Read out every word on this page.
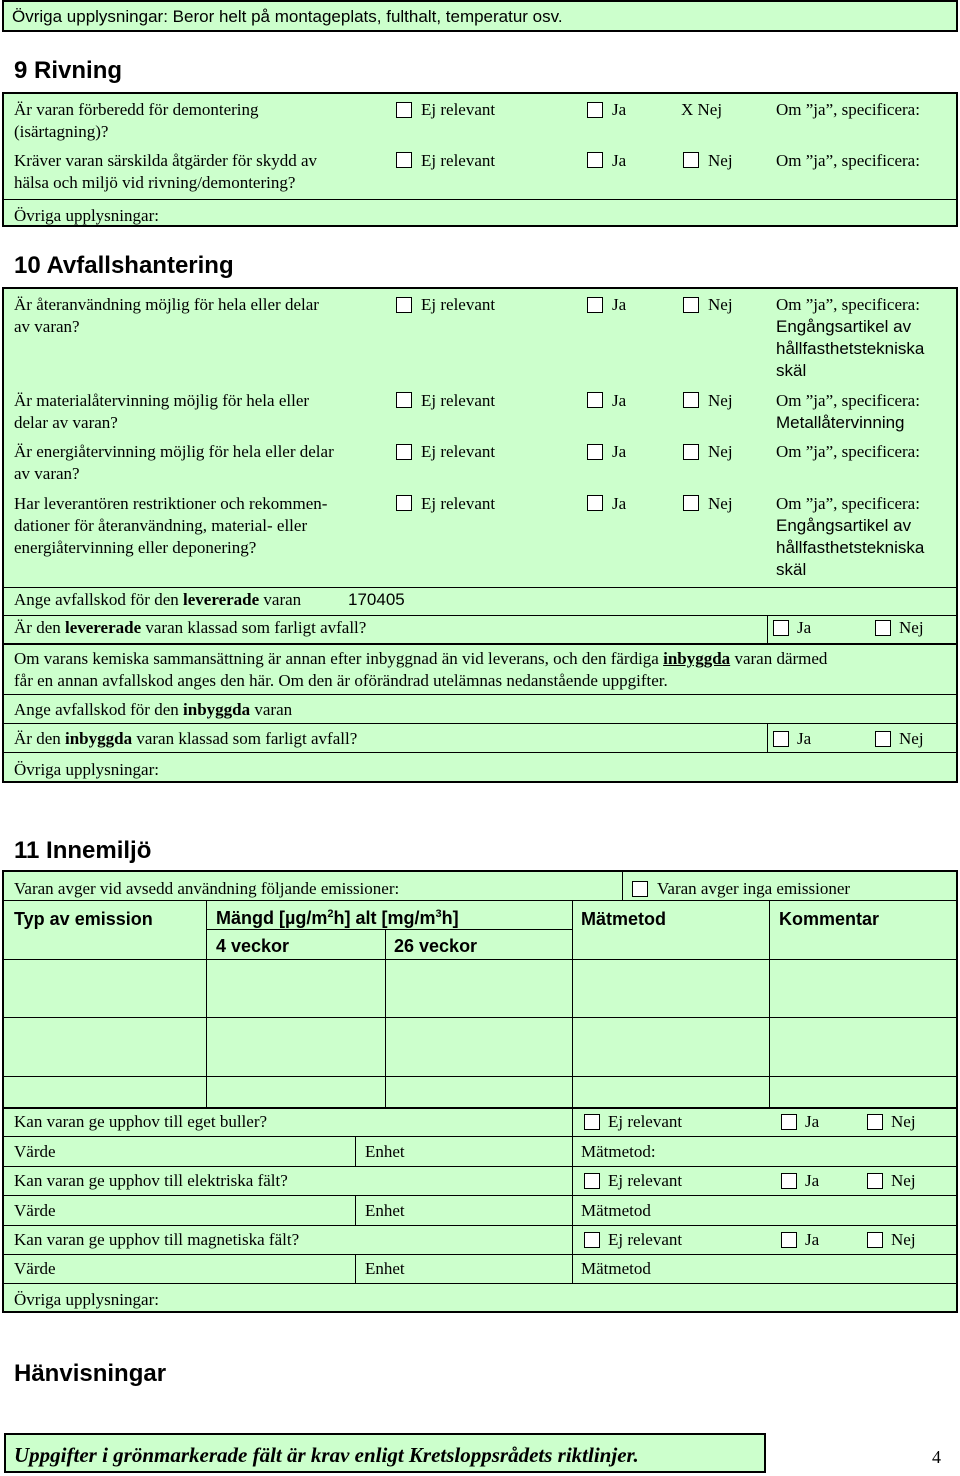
Övriga upplysningar: Beror helt på montageplats, fulthalt, temperatur osv.
9 Rivning
Är varan förberedd för demontering
(isärtagning)?
Ej relevant	Ja	X Nej	Om ”ja”, specificera:
Kräver varan särskilda åtgärder för skydd av
hälsa och miljö vid rivning/demontering?
Ej relevant	Ja	Nej	Om ”ja”, specificera:
Övriga upplysningar:
10 Avfallshantering
Är återanvändning möjlig för hela eller delar
av varan?
Ej relevant	Ja	Nej	Om ”ja”, specificera:
Engångsartikel av
hållfasthetstekniska
skäl
Är materialåtervinning möjlig för hela eller
delar av varan?
Ej relevant	Ja	Nej	Om ”ja”, specificera:
Metallåtervinning
Är energiåtervinning möjlig för hela eller delar
av varan?
Ej relevant	Ja	Nej	Om ”ja”, specificera:
Har leverantören restriktioner och rekommen-
dationer för återanvändning, material- eller
energiåtervinning eller deponering?
Ej relevant	Ja	Nej	Om ”ja”, specificera:
Engångsartikel av
hållfasthetstekniska
skäl
Ange avfallskod för den levererade varan	170405
Är den levererade varan klassad som farligt avfall?	Ja	Nej
Om varans kemiska sammansättning är annan efter inbyggnad än vid leverans, och den färdiga inbyggda varan därmed
får en annan avfallskod anges den här. Om den är oförändrad utelämnas nedanstående uppgifter.
Ange avfallskod för den inbyggda varan
Är den inbyggda varan klassad som farligt avfall?	Ja	Nej
Övriga upplysningar:
11 Innemiljö
Varan avger vid avsedd användning följande emissioner:	Varan avger inga emissioner
Typ av emission	Mängd $[\mu g/m^2h]$ alt $[mg/m^3h]$
4 veckor	26 veckor
Mätmetod	Kommentar
Kan varan ge upphov till eget buller?	Ej relevant	Ja	Nej
Värde	Enhet	Mätmetod:
Kan varan ge upphov till elektriska fält?	Ej relevant	Ja	Nej
Värde	Enhet	Mätmetod
Kan varan ge upphov till magnetiska fält?	Ej relevant	Ja	Nej
Värde	Enhet	Mätmetod
Övriga upplysningar:
Hänvisningar
Uppgifter i grönmarkerade fält är krav enligt Kretsloppsrådets riktlinjer.	4
